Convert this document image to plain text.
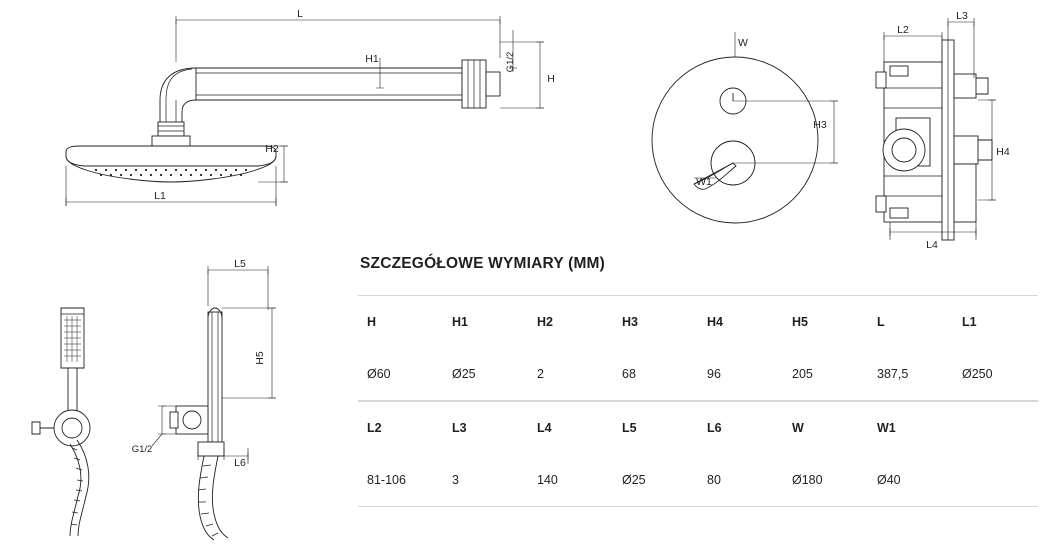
L
G1/2
H
H1
H2
L1
W
W1
H3
L2
L3
H4
L4
L5
H5
L6
G1/2
SZCZEGÓŁOWE WYMIARY (MM)
H	H1	H2	H3	H4	H5	L	L1
Ø60	Ø25	2	68	96	205	387,5	Ø250
L2	L3	L4	L5	L6	W	W1	
81-106	3	140	Ø25	80	Ø180	Ø40	
